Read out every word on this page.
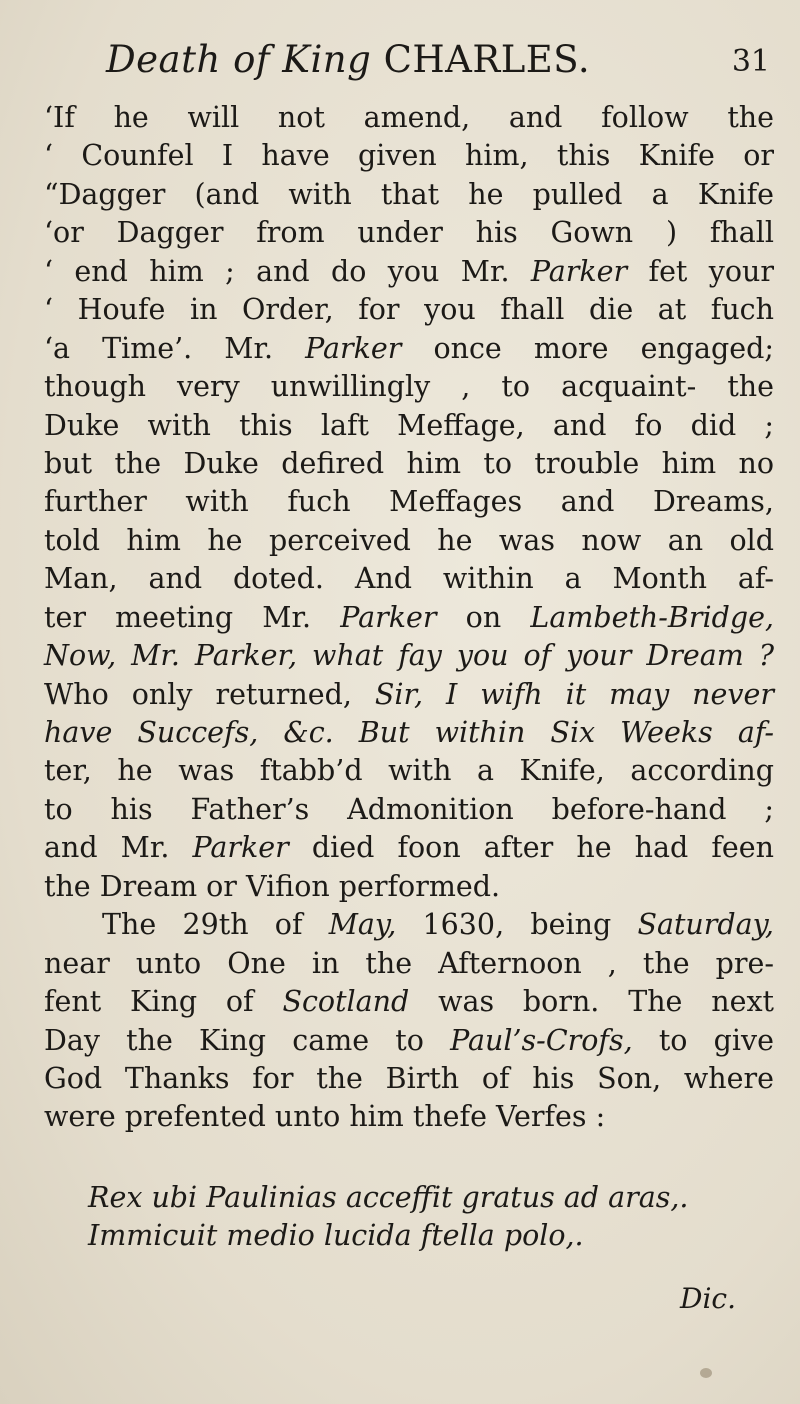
Death of King CHARLES.	31
‘If he will not amend, and follow the
‘ Counfel I have given him, this Knife or
“Dagger (and with that he pulled a Knife
‘or Dagger from under his Gown ) fhall
‘ end him ; and do you Mr. Parker fet your
‘ Houfe in Order, for you fhall die at fuch
‘a Time’. Mr. Parker once more engaged;
though very unwillingly , to acquaint- the
Duke with this laft Meffage, and fo did ;
but the Duke defired him to trouble him no
further with fuch Meffages and Dreams,
told him he perceived he was now an old
Man, and doted. And within a Month af-
ter meeting Mr. Parker on Lambeth-Bridge,
Now, Mr. Parker, what fay you of your Dream ?
Who only returned, Sir, I wifh it may never
have Succefs, &c. But within Six Weeks af-
ter, he was ftabb’d with a Knife, according
to his Father’s Admonition before-hand ;
and Mr. Parker died foon after he had feen
the Dream or Vifion performed.
The 29th of May, 1630, being Saturday,
near unto One in the Afternoon , the pre-
fent King of Scotland was born. The next
Day the King came to Paul’s-Crofs, to give
God Thanks for the Birth of his Son, where
were prefented unto him thefe Verfes :
Rex ubi Paulinias acceffit gratus ad aras,.
Immicuit medio lucida ftella polo,.
Dic.
